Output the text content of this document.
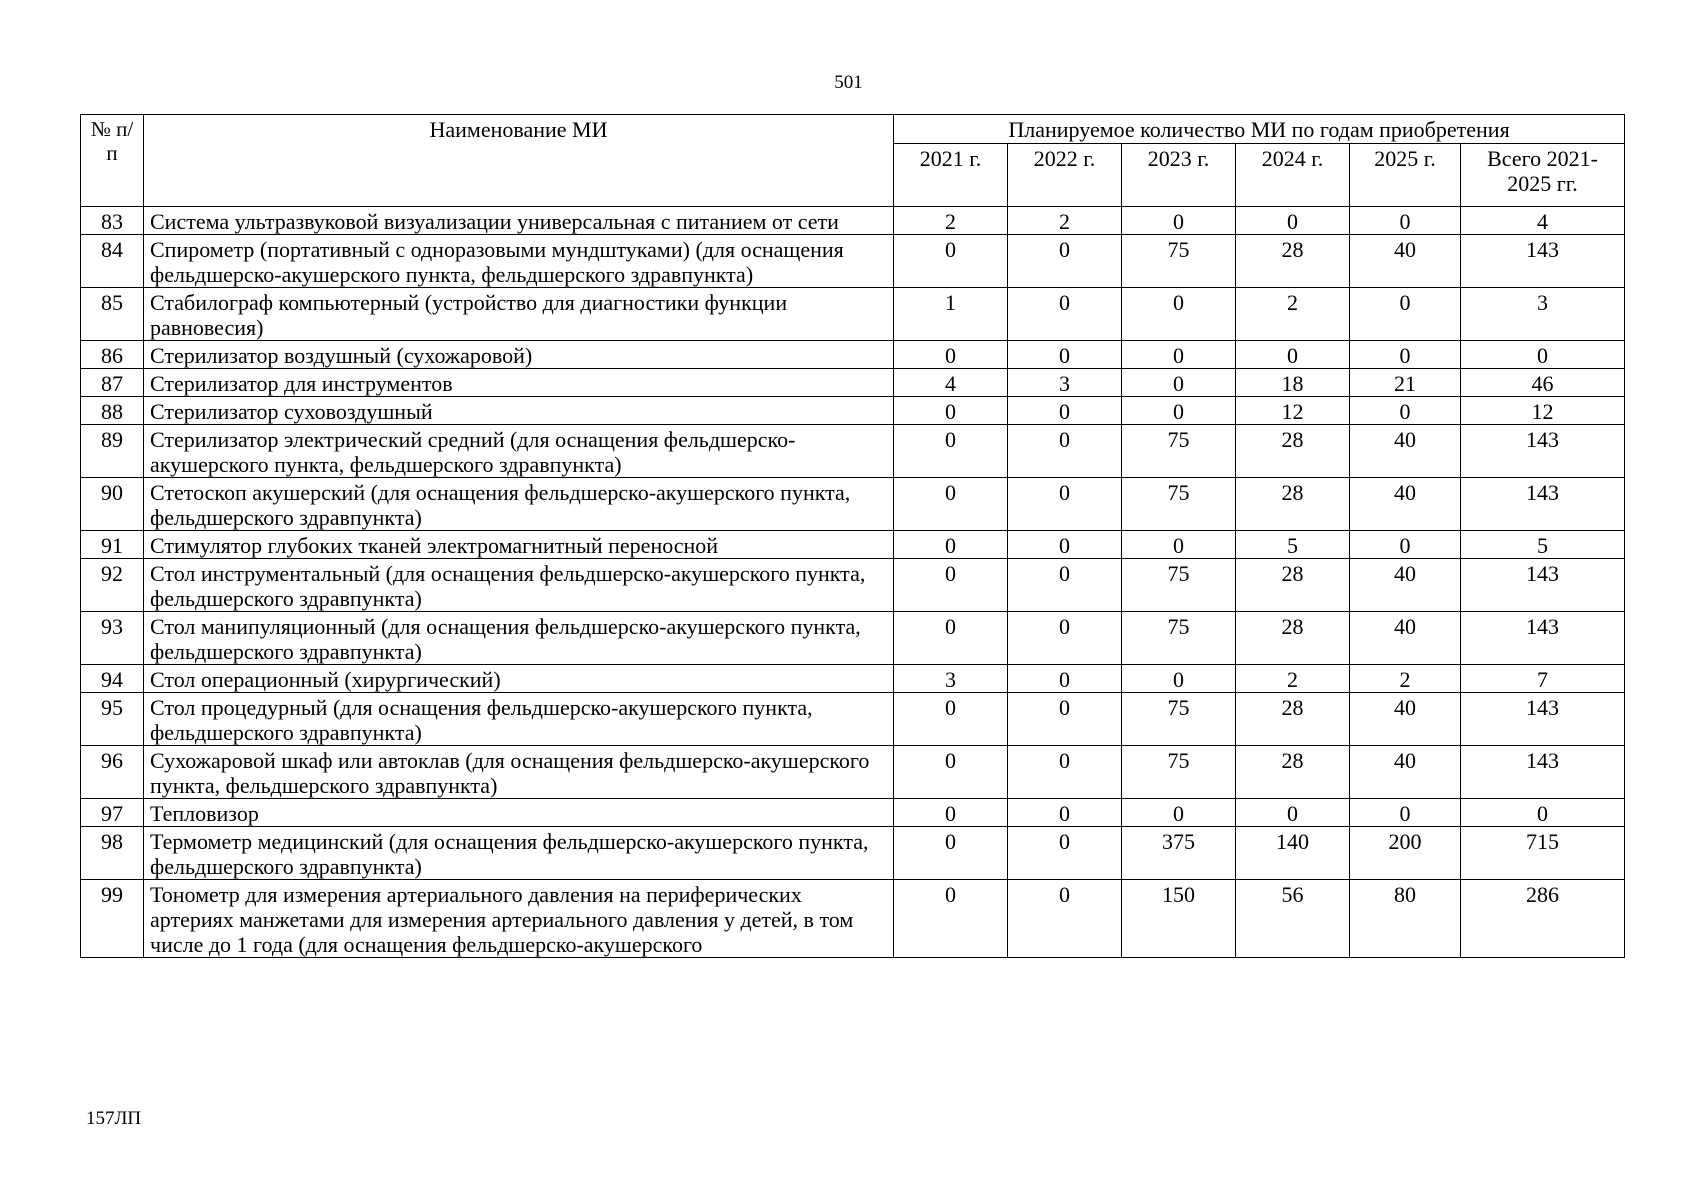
501
№ п/п	Наименование МИ	Планируемое количество МИ по годам приобретения					
		2021 г.	2022 г.	2023 г.	2024 г.	2025 г.	Всего 2021-2025 гг.
83	Система ультразвуковой визуализации универсальная с питанием от сети	2	2	0	0	0	4
84	Спирометр (портативный с одноразовыми мундштуками) (для оснащения фельдшерско-акушерского пункта, фельдшерского здравпункта)	0	0	75	28	40	143
85	Стабилограф компьютерный (устройство для диагностики функции равновесия)	1	0	0	2	0	3
86	Стерилизатор воздушный (сухожаровой)	0	0	0	0	0	0
87	Стерилизатор для инструментов	4	3	0	18	21	46
88	Стерилизатор суховоздушный	0	0	0	12	0	12
89	Стерилизатор электрический средний (для оснащения фельдшерско-акушерского пункта, фельдшерского здравпункта)	0	0	75	28	40	143
90	Стетоскоп акушерский (для оснащения фельдшерско-акушерского пункта, фельдшерского здравпункта)	0	0	75	28	40	143
91	Стимулятор глубоких тканей электромагнитный переносной	0	0	0	5	0	5
92	Стол инструментальный (для оснащения фельдшерско-акушерского пункта, фельдшерского здравпункта)	0	0	75	28	40	143
93	Стол манипуляционный (для оснащения фельдшерско-акушерского пункта, фельдшерского здравпункта)	0	0	75	28	40	143
94	Стол операционный (хирургический)	3	0	0	2	2	7
95	Стол процедурный (для оснащения фельдшерско-акушерского пункта, фельдшерского здравпункта)	0	0	75	28	40	143
96	Сухожаровой шкаф или автоклав (для оснащения фельдшерско-акушерского пункта, фельдшерского здравпункта)	0	0	75	28	40	143
97	Тепловизор	0	0	0	0	0	0
98	Термометр медицинский (для оснащения фельдшерско-акушерского пункта, фельдшерского здравпункта)	0	0	375	140	200	715
99	Тонометр для измерения артериального давления на периферических артериях манжетами для измерения артериального давления у детей, в том числе до 1 года (для оснащения фельдшерско-акушерского	0	0	150	56	80	286
157ЛП
